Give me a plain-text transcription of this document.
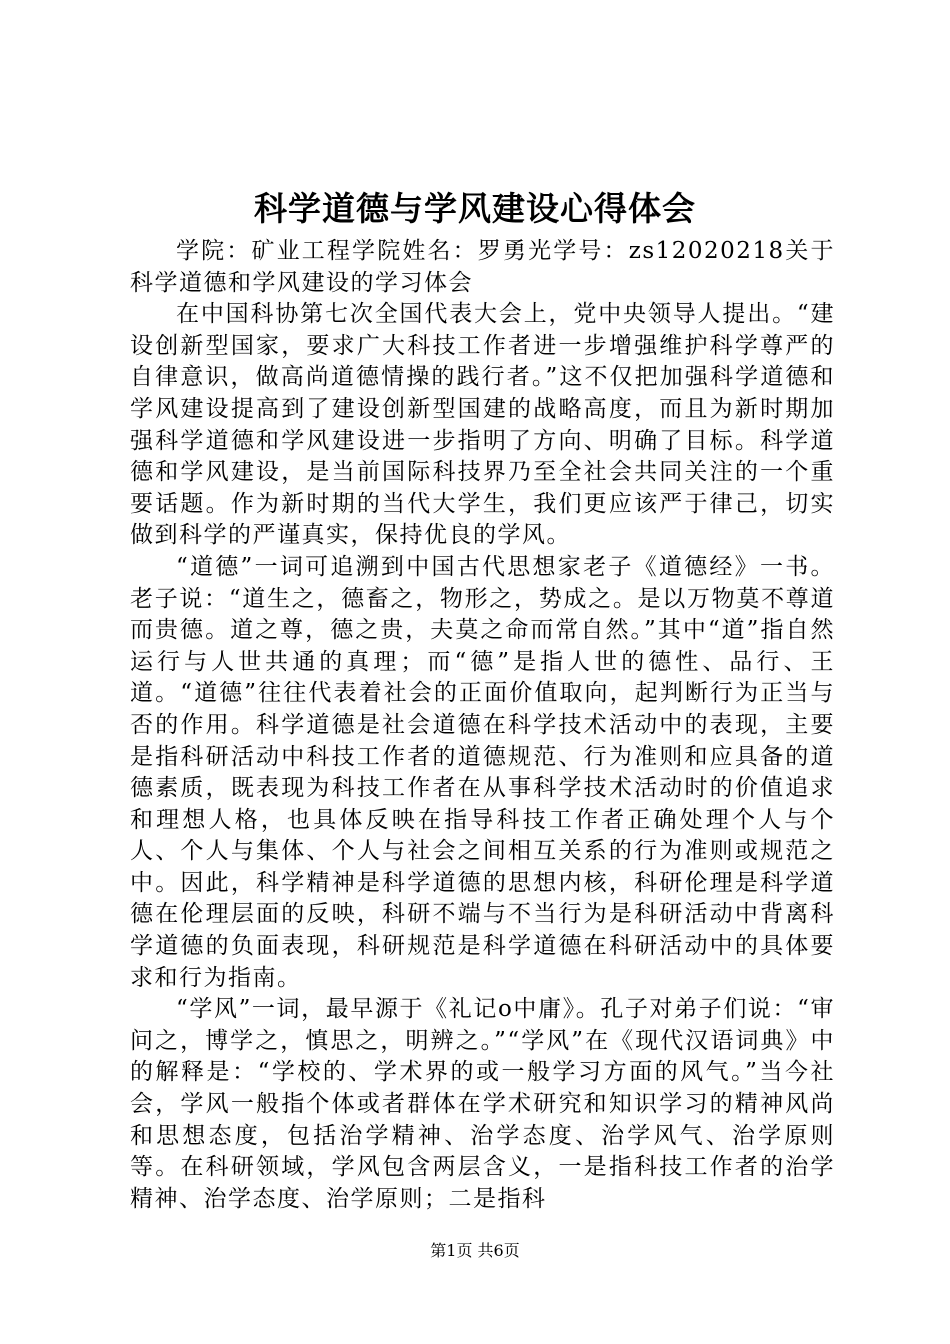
科学道德与学风建设心得体会

学院：矿业工程学院姓名：罗勇光学号：zs12020218关于科学道德和学风建设的学习体会

在中国科协第七次全国代表大会上，党中央领导人提出。“建设创新型国家，要求广大科技工作者进一步增强维护科学尊严的自律意识，做高尚道德情操的践行者。”这不仅把加强科学道德和学风建设提高到了建设创新型国建的战略高度，而且为新时期加强科学道德和学风建设进一步指明了方向、明确了目标。科学道德和学风建设，是当前国际科技界乃至全社会共同关注的一个重要话题。作为新时期的当代大学生，我们更应该严于律己，切实做到科学的严谨真实，保持优良的学风。

“道德”一词可追溯到中国古代思想家老子《道德经》一书。老子说：“道生之，德畜之，物形之，势成之。是以万物莫不尊道而贵德。道之尊，德之贵，夫莫之命而常自然。”其中“道”指自然运行与人世共通的真理；而“德”是指人世的德性、品行、王道。“道德”往往代表着社会的正面价值取向，起判断行为正当与否的作用。科学道德是社会道德在科学技术活动中的表现，主要是指科研活动中科技工作者的道德规范、行为准则和应具备的道德素质，既表现为科技工作者在从事科学技术活动时的价值追求和理想人格，也具体反映在指导科技工作者正确处理个人与个人、个人与集体、个人与社会之间相互关系的行为准则或规范之中。因此，科学精神是科学道德的思想内核，科研伦理是科学道德在伦理层面的反映，科研不端与不当行为是科研活动中背离科学道德的负面表现，科研规范是科学道德在科研活动中的具体要求和行为指南。

“学风”一词，最早源于《礼记o中庸》。孔子对弟子们说：“审问之，博学之，慎思之，明辨之。”“学风”在《现代汉语词典》中的解释是：“学校的、学术界的或一般学习方面的风气。”当今社会，学风一般指个体或者群体在学术研究和知识学习的精神风尚和思想态度，包括治学精神、治学态度、治学风气、治学原则等。在科研领域，学风包含两层含义，一是指科技工作者的治学精神、治学态度、治学原则；二是指科

第1页 共6页
